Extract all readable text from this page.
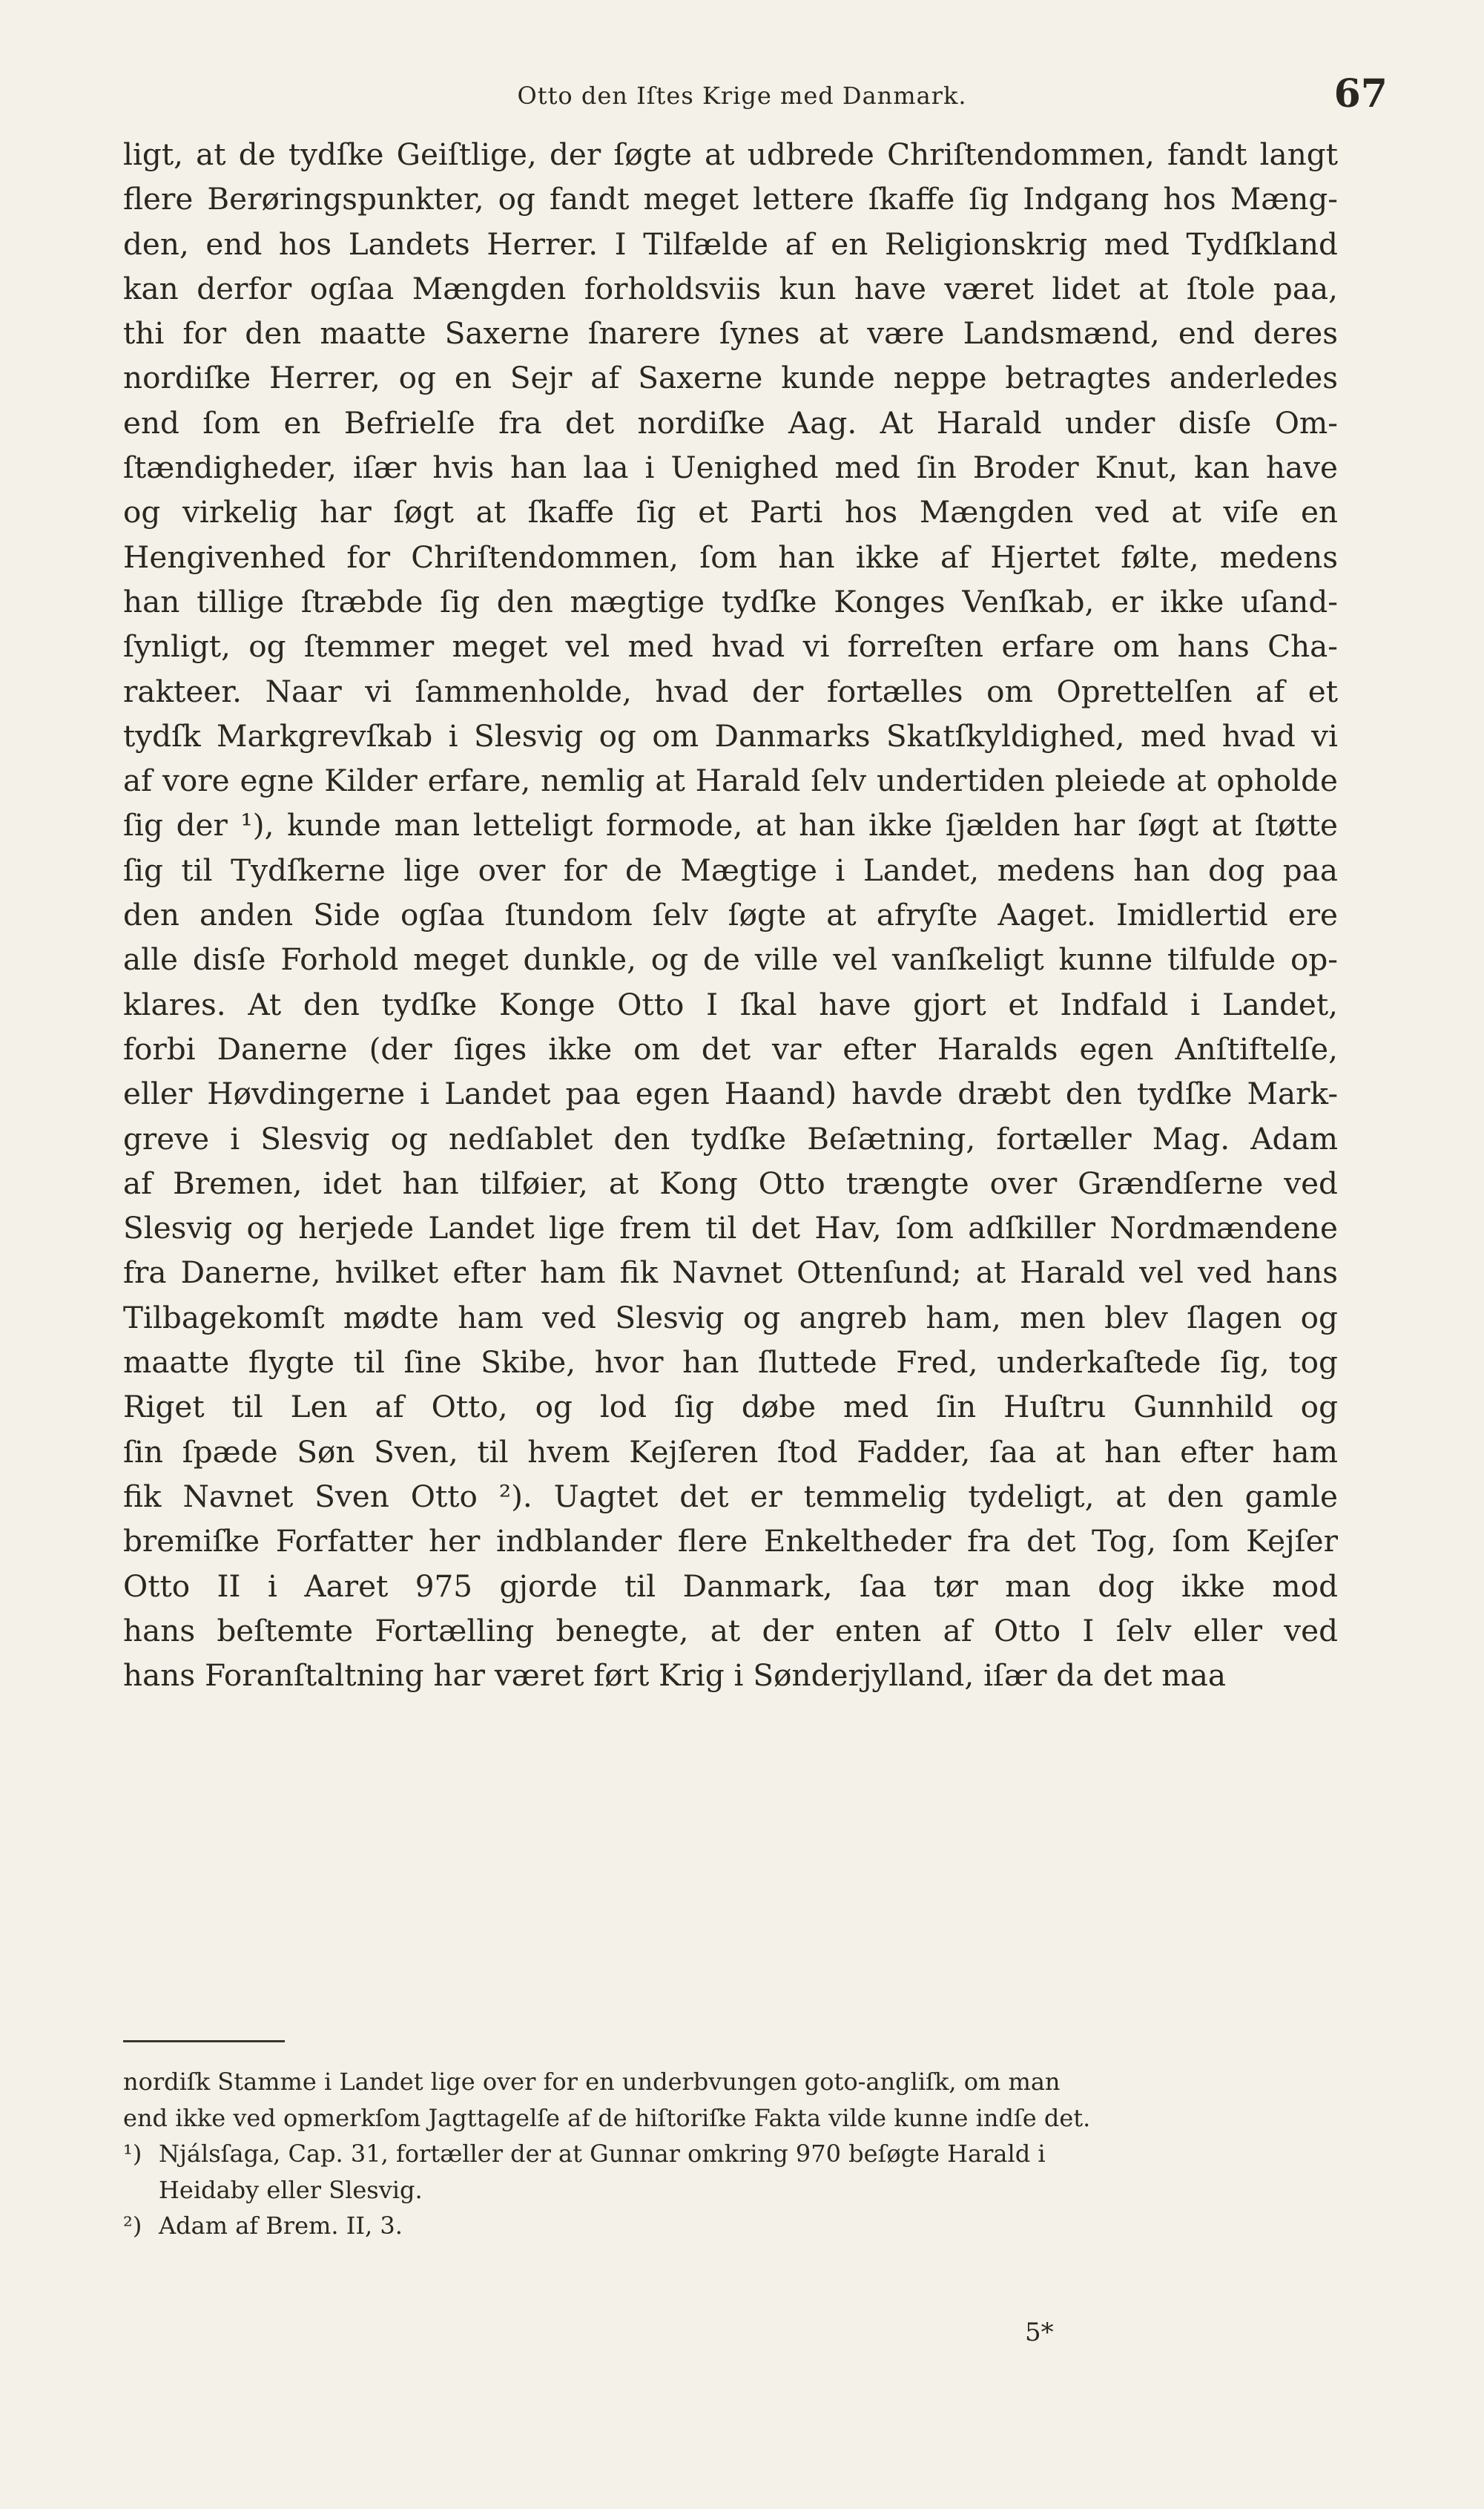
Otto den Iſtes Krige med Danmark.	67
ligt, at de tydſke Geiſtlige, der ſøgte at udbrede Chriſtendommen, fandt langt
flere Berøringspunkter, og fandt meget lettere ſkaffe ſig Indgang hos Mæng-
den, end hos Landets Herrer. I Tilfælde af en Religionskrig med Tydſkland
kan derfor ogſaa Mængden forholdsviis kun have været lidet at ſtole paa,
thi for den maatte Saxerne ſnarere ſynes at være Landsmænd, end deres
nordiſke Herrer, og en Sejr af Saxerne kunde neppe betragtes anderledes
end ſom en Befrielſe fra det nordiſke Aag. At Harald under disſe Om-
ſtændigheder, iſær hvis han laa i Uenighed med ſin Broder Knut, kan have
og virkelig har ſøgt at ſkaffe ſig et Parti hos Mængden ved at viſe en
Hengivenhed for Chriſtendommen, ſom han ikke af Hjertet følte, medens
han tillige ſtræbde ſig den mægtige tydſke Konges Venſkab, er ikke uſand-
ſynligt, og ſtemmer meget vel med hvad vi forreſten erfare om hans Cha-
rakteer. Naar vi ſammenholde, hvad der fortælles om Oprettelſen af et
tydſk Markgrevſkab i Slesvig og om Danmarks Skatſkyldighed, med hvad vi
af vore egne Kilder erfare, nemlig at Harald ſelv undertiden pleiede at opholde
ſig der ¹), kunde man letteligt formode, at han ikke ſjælden har ſøgt at ſtøtte
ſig til Tydſkerne lige over for de Mægtige i Landet, medens han dog paa
den anden Side ogſaa ſtundom ſelv ſøgte at afryſte Aaget. Imidlertid ere
alle disſe Forhold meget dunkle, og de ville vel vanſkeligt kunne tilfulde op-
klares. At den tydſke Konge Otto I ſkal have gjort et Indfald i Landet,
forbi Danerne (der ſiges ikke om det var efter Haralds egen Anſtiftelſe,
eller Høvdingerne i Landet paa egen Haand) havde dræbt den tydſke Mark-
greve i Slesvig og nedſablet den tydſke Beſætning, fortæller Mag. Adam
af Bremen, idet han tilføier, at Kong Otto trængte over Grændſerne ved
Slesvig og herjede Landet lige frem til det Hav, ſom adſkiller Nordmændene
fra Danerne, hvilket efter ham fik Navnet Ottenſund; at Harald vel ved hans
Tilbagekomſt mødte ham ved Slesvig og angreb ham, men blev ſlagen og
maatte flygte til ſine Skibe, hvor han ſluttede Fred, underkaſtede ſig, tog
Riget til Len af Otto, og lod ſig døbe med ſin Huſtru Gunnhild og
ſin ſpæde Søn Sven, til hvem Kejſeren ſtod Fadder, ſaa at han efter ham
fik Navnet Sven Otto ²). Uagtet det er temmelig tydeligt, at den gamle
bremiſke Forfatter her indblander flere Enkeltheder fra det Tog, ſom Kejſer
Otto II i Aaret 975 gjorde til Danmark, ſaa tør man dog ikke mod
hans beſtemte Fortælling benegte, at der enten af Otto I ſelv eller ved
hans Foranſtaltning har været ført Krig i Sønderjylland, iſær da det maa
nordiſk Stamme i Landet lige over for en underbvungen goto-angliſk, om man
end ikke ved opmerkſom Jagttagelſe af de hiſtoriſke Fakta vilde kunne indſe det.
¹) Njálsſaga, Cap. 31, fortæller der at Gunnar omkring 970 beſøgte Harald i
Heidaby eller Slesvig.
²) Adam af Brem. II, 3.
5*
